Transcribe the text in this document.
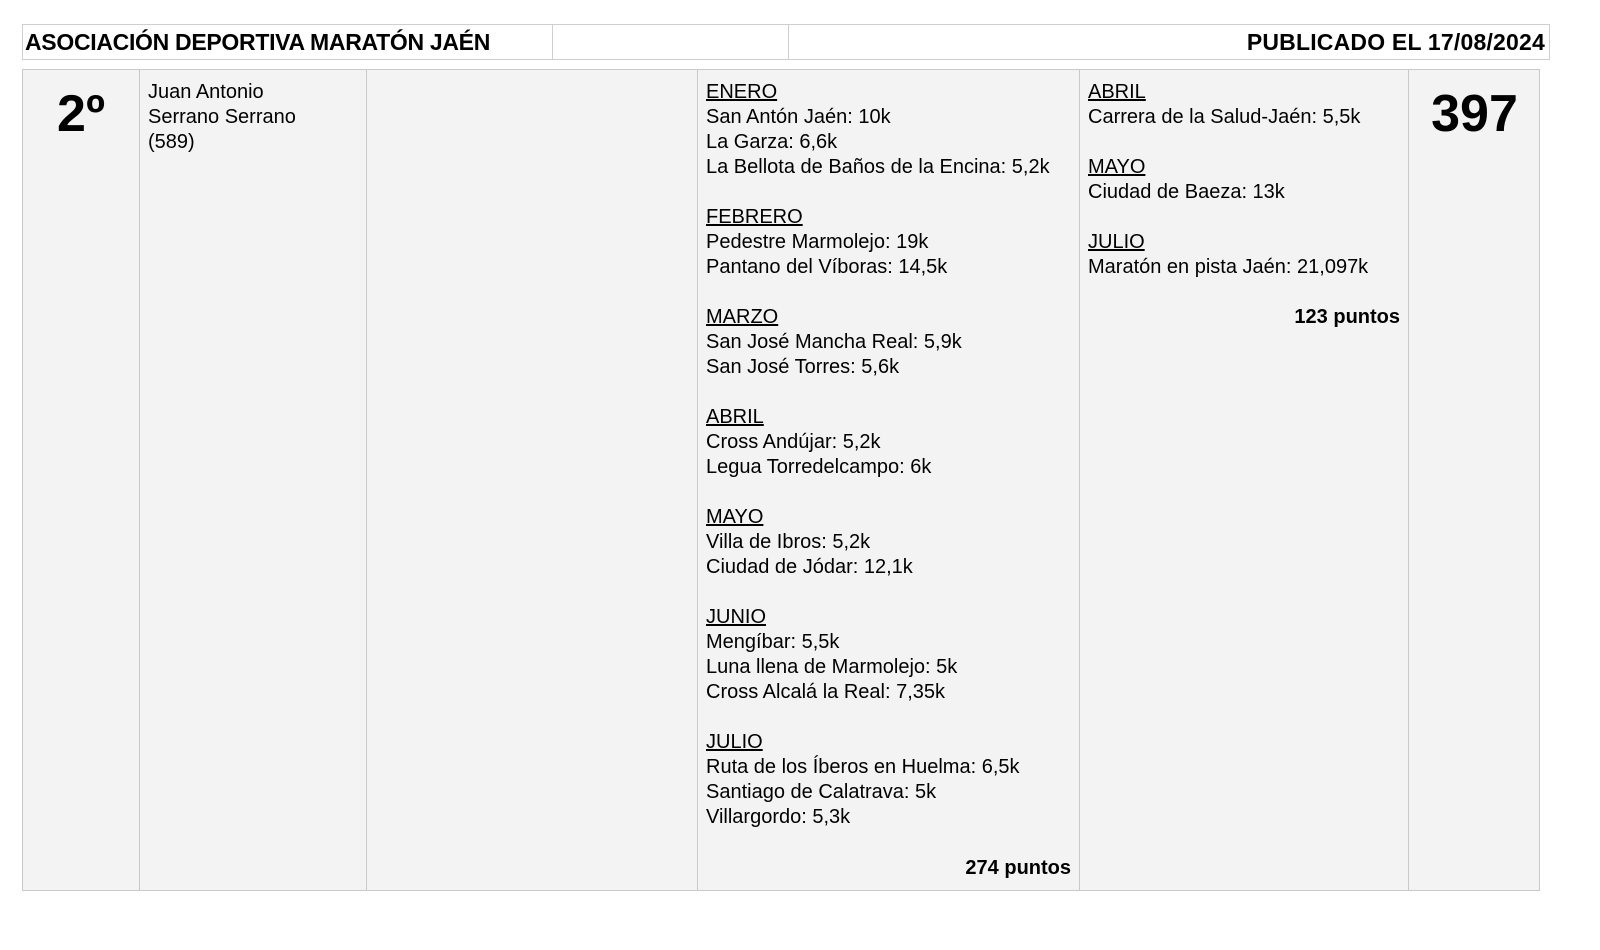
ASOCIACIÓN DEPORTIVA MARATÓN JAÉN	PUBLICADO EL 17/08/2024
2º	Juan Antonio
Serrano Serrano
(589)
ENERO
San Antón Jaén: 10k
La Garza: 6,6k
La Bellota de Baños de la Encina: 5,2k
FEBRERO
Pedestre Marmolejo: 19k
Pantano del Víboras: 14,5k
MARZO
San José Mancha Real: 5,9k
San José Torres: 5,6k
ABRIL
Cross Andújar: 5,2k
Legua Torredelcampo: 6k
MAYO
Villa de Ibros: 5,2k
Ciudad de Jódar: 12,1k
JUNIO
Mengíbar: 5,5k
Luna llena de Marmolejo: 5k
Cross Alcalá la Real: 7,35k
JULIO
Ruta de los Íberos en Huelma: 6,5k
Santiago de Calatrava: 5k
Villargordo: 5,3k
274 puntos
ABRIL
Carrera de la Salud-Jaén: 5,5k
MAYO
Ciudad de Baeza: 13k
JULIO
Maratón en pista Jaén: 21,097k
123 puntos
397
